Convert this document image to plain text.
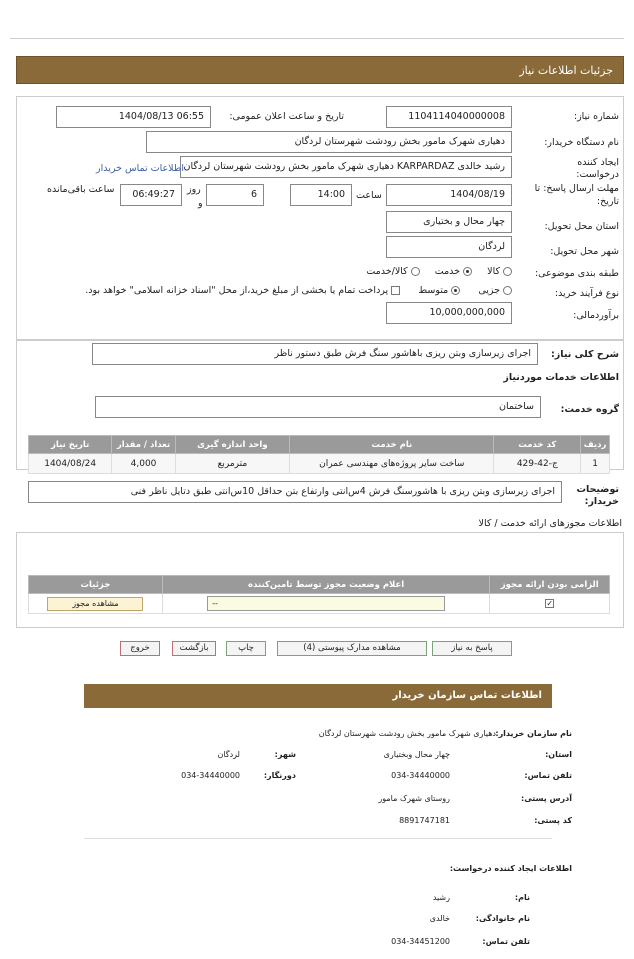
جزئیات اطلاعات نیاز
شماره نیاز:
1104114040000008
تاریخ و ساعت اعلان عمومی:
1404/08/13 06:55
نام دستگاه خریدار:
دهیاری شهرک مامور بخش رودشت شهرستان لردگان
ایجاد کننده
درخواست:
رشید خالدی KARPARDAZ دهیاری شهرک مامور بخش رودشت شهرستان لردگان
اطلاعات تماس خریدار
مهلت ارسال پاسخ: تا
تاریخ:
1404/08/19
ساعت
14:00
6
روز
و
06:49:27
ساعت باقی‌مانده
استان محل تحویل:
چهار محال و بختیاری
شهر محل تحویل:
لردگان
طبقه بندی موضوعی:
کالا     خدمت     کالا/خدمت
نوع فرآیند خرید:
جزیی      متوسط       پرداخت تمام یا بخشی از مبلغ خرید،از محل "اسناد خزانه اسلامی" خواهد بود.
برآوردمالی:
10,000,000,000
شرح کلی نیاز:
اجرای زیرسازی وبتن ریزی باهاشور سنگ فرش طبق دستور ناظر
اطلاعات خدمات موردنیاز
گروه خدمت:
ساختمان
ردیف	کد خدمت	نام خدمت	واحد اندازه گیری	تعداد / مقدار	تاریخ نیاز
1	ج-42-429	ساخت سایر پروژه‌های مهندسی عمران	مترمربع	4,000	1404/08/24
توضیحات
خریدار:
اجرای زیرسازی وبتن ریزی با هاشورسنگ فرش 4س‌انتی وارتفاع بتن حداقل 10س‌انتی طبق دتایل ناظر فنی
اطلاعات مجوزهای ارائه خدمت / کالا
الزامی بودن ارائه مجوز	اعلام وضعیت مجوز توسط تامین‌کننده	جزئیات
✓	--	مشاهده مجوز
پاسخ به نیاز
مشاهده مدارک پیوستی (4)
چاپ
بازگشت
خروج
اطلاعات تماس سازمان خریدار
نام سازمان خریدار:
دهیاری شهرک مامور بخش رودشت شهرستان لردگان
استان:
چهار محال وبختیاری
شهر:
لردگان
تلفن تماس:
034-34440000
دورنگار:
034-34440000
آدرس پستی:
روستای شهرک مامور
کد پستی:
8891747181
اطلاعات ایجاد کننده درخواست:
نام:
رشید
نام خانوادگی:
خالدی
تلفن تماس:
034-34451200
